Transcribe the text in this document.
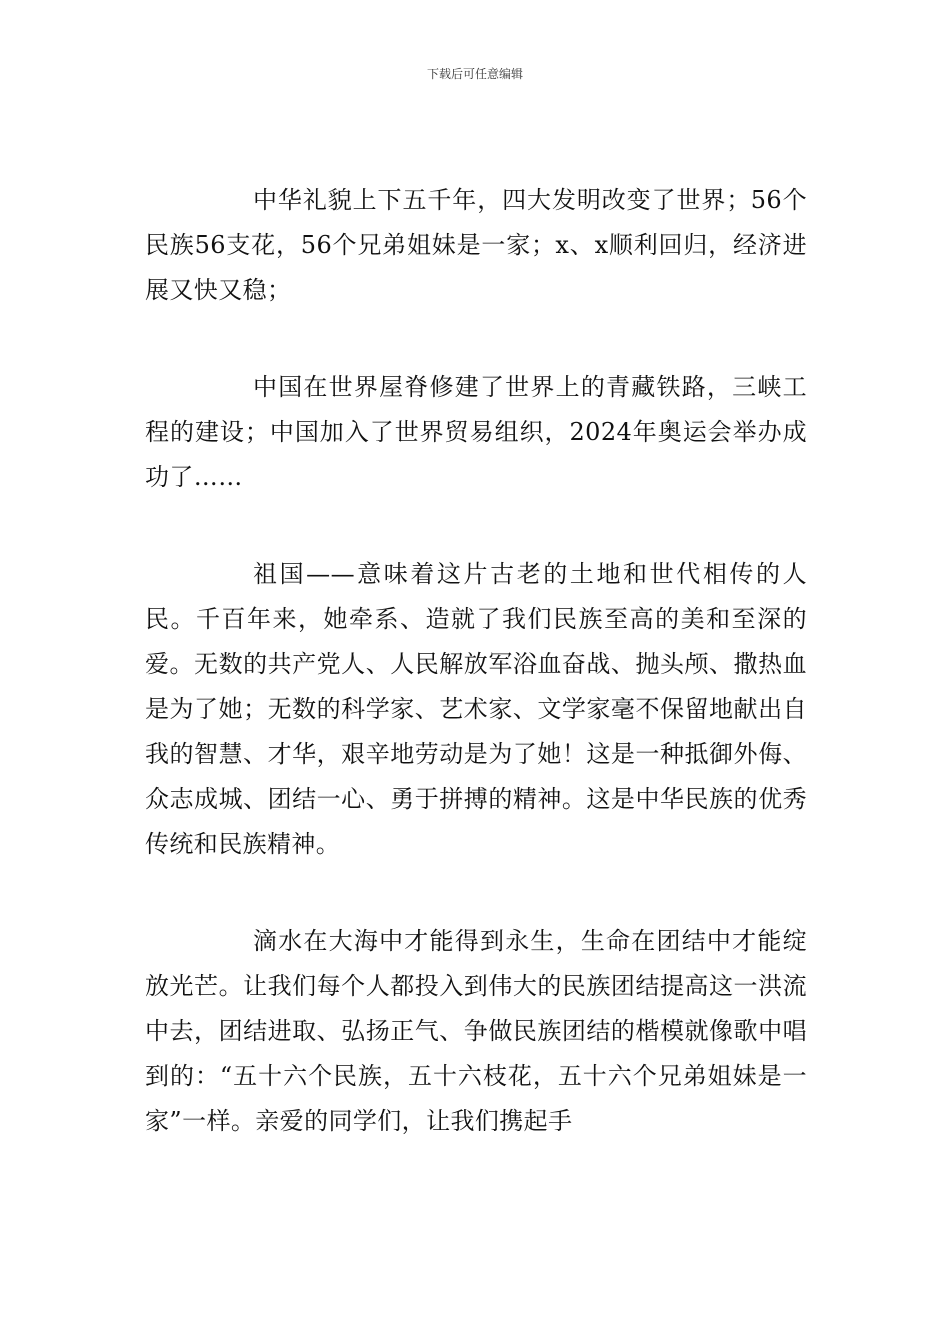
下载后可任意编辑

中华礼貌上下五千年，四大发明改变了世界；56个民族56支花，56个兄弟姐妹是一家；x、x顺利回归，经济进展又快又稳；

中国在世界屋脊修建了世界上的青藏铁路，三峡工程的建设；中国加入了世界贸易组织，2024年奥运会举办成功了……

祖国——意味着这片古老的土地和世代相传的人民。千百年来，她牵系、造就了我们民族至高的美和至深的爱。无数的共产党人、人民解放军浴血奋战、抛头颅、撒热血是为了她；无数的科学家、艺术家、文学家毫不保留地献出自我的智慧、才华，艰辛地劳动是为了她！这是一种抵御外侮、众志成城、团结一心、勇于拼搏的精神。这是中华民族的优秀传统和民族精神。

滴水在大海中才能得到永生，生命在团结中才能绽放光芒。让我们每个人都投入到伟大的民族团结提高这一洪流中去，团结进取、弘扬正气、争做民族团结的楷模就像歌中唱到的：“五十六个民族，五十六枝花，五十六个兄弟姐妹是一家”一样。亲爱的同学们，让我们携起手
